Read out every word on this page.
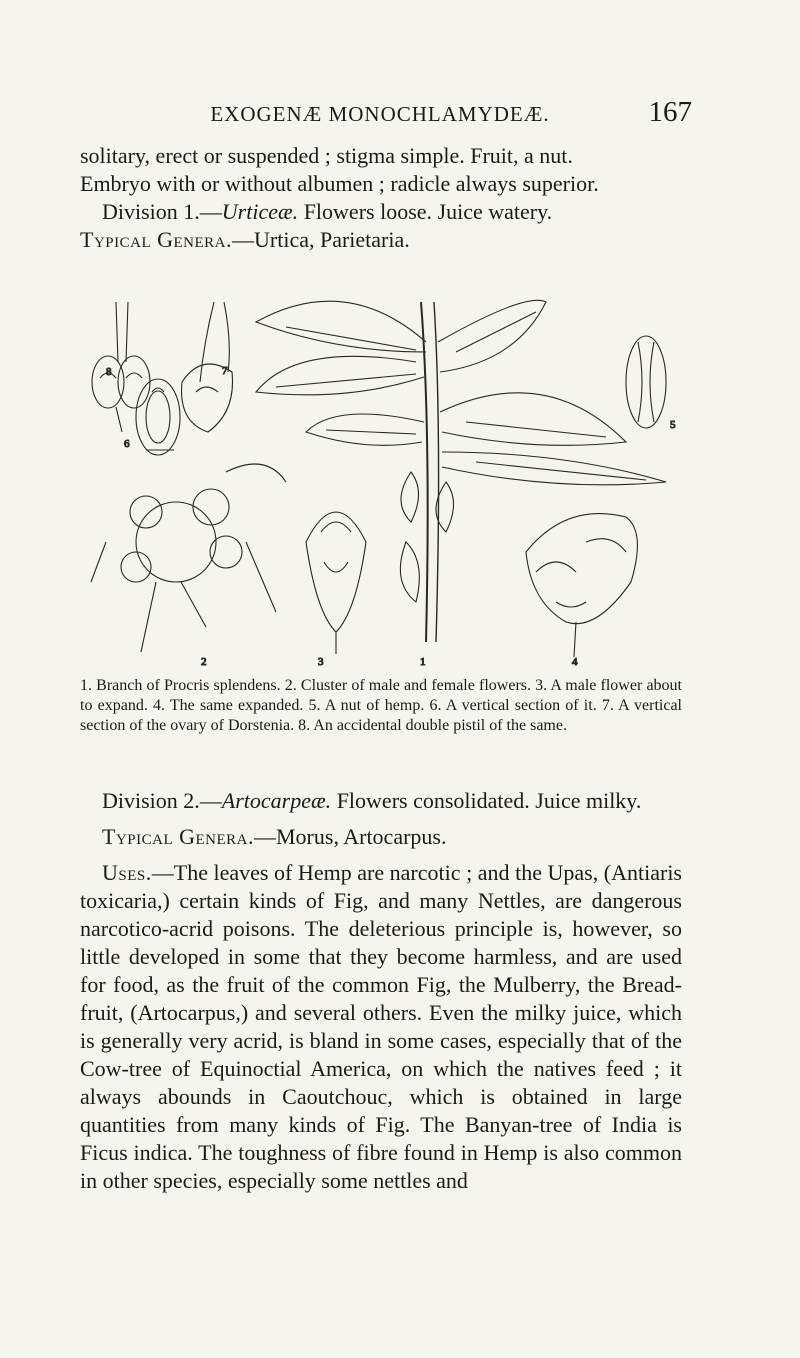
EXOGENÆ MONOCHLAMYDEÆ.	167
solitary, erect or suspended ; stigma simple. Fruit, a nut.
Embryo with or without albumen ; radicle always superior.
Division 1.—Urticeæ. Flowers loose. Juice watery.
Typical Genera.—Urtica, Parietaria.
8
6
7
5
2	3	1	4
1. Branch of Procris splendens. 2. Cluster of male and female flowers. 3. A male flower about to expand. 4. The same expanded. 5. A nut of hemp. 6. A vertical section of it. 7. A vertical section of the ovary of Dorstenia. 8. An accidental double pistil of the same.
Division 2.—Artocarpeæ. Flowers consolidated. Juice milky.
Typical Genera.—Morus, Artocarpus.
Uses.—The leaves of Hemp are narcotic ; and the Upas, (Antiaris toxicaria,) certain kinds of Fig, and many Nettles, are dangerous narcotico-acrid poisons. The deleterious principle is, however, so little developed in some that they become harmless, and are used for food, as the fruit of the common Fig, the Mulberry, the Bread-fruit, (Artocarpus,) and several others. Even the milky juice, which is generally very acrid, is bland in some cases, especially that of the Cow-tree of Equinoctial America, on which the natives feed ; it always abounds in Caoutchouc, which is obtained in large quantities from many kinds of Fig. The Banyan-tree of India is Ficus indica. The toughness of fibre found in Hemp is also common in other species, especially some nettles and
